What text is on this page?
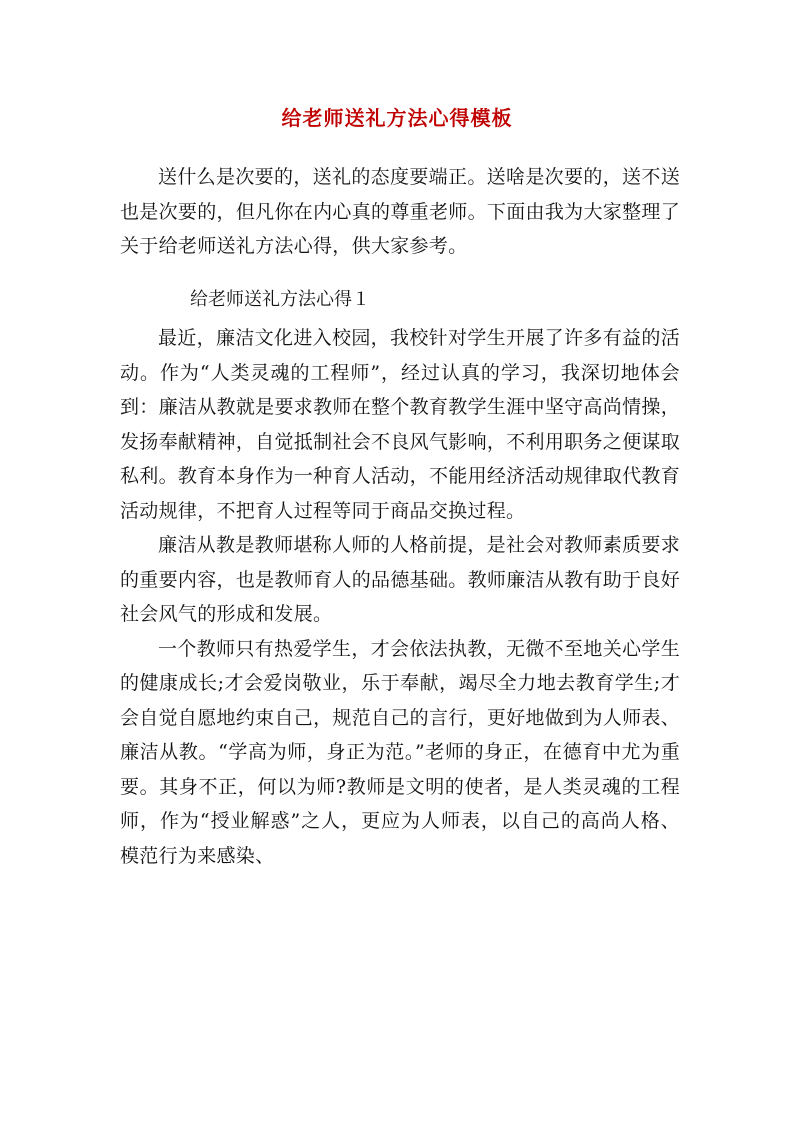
给老师送礼方法心得模板

送什么是次要的，送礼的态度要端正。送啥是次要的，送不送也是次要的，但凡你在内心真的尊重老师。下面由我为大家整理了关于给老师送礼方法心得，供大家参考。

给老师送礼方法心得１

最近，廉洁文化进入校园，我校针对学生开展了许多有益的活动。作为“人类灵魂的工程师”，经过认真的学习，我深切地体会到：廉洁从教就是要求教师在整个教育教学生涯中坚守高尚情操，发扬奉献精神，自觉抵制社会不良风气影响，不利用职务之便谋取私利。教育本身作为一种育人活动，不能用经济活动规律取代教育活动规律，不把育人过程等同于商品交换过程。

廉洁从教是教师堪称人师的人格前提，是社会对教师素质要求的重要内容，也是教师育人的品德基础。教师廉洁从教有助于良好社会风气的形成和发展。

一个教师只有热爱学生，才会依法执教，无微不至地关心学生的健康成长;才会爱岗敬业，乐于奉献，竭尽全力地去教育学生;才会自觉自愿地约束自己，规范自己的言行，更好地做到为人师表、廉洁从教。“学高为师，身正为范。”老师的身正，在德育中尤为重要。其身不正，何以为师?教师是文明的使者，是人类灵魂的工程师，作为“授业解惑”之人，更应为人师表，以自己的高尚人格、模范行为来感染、
